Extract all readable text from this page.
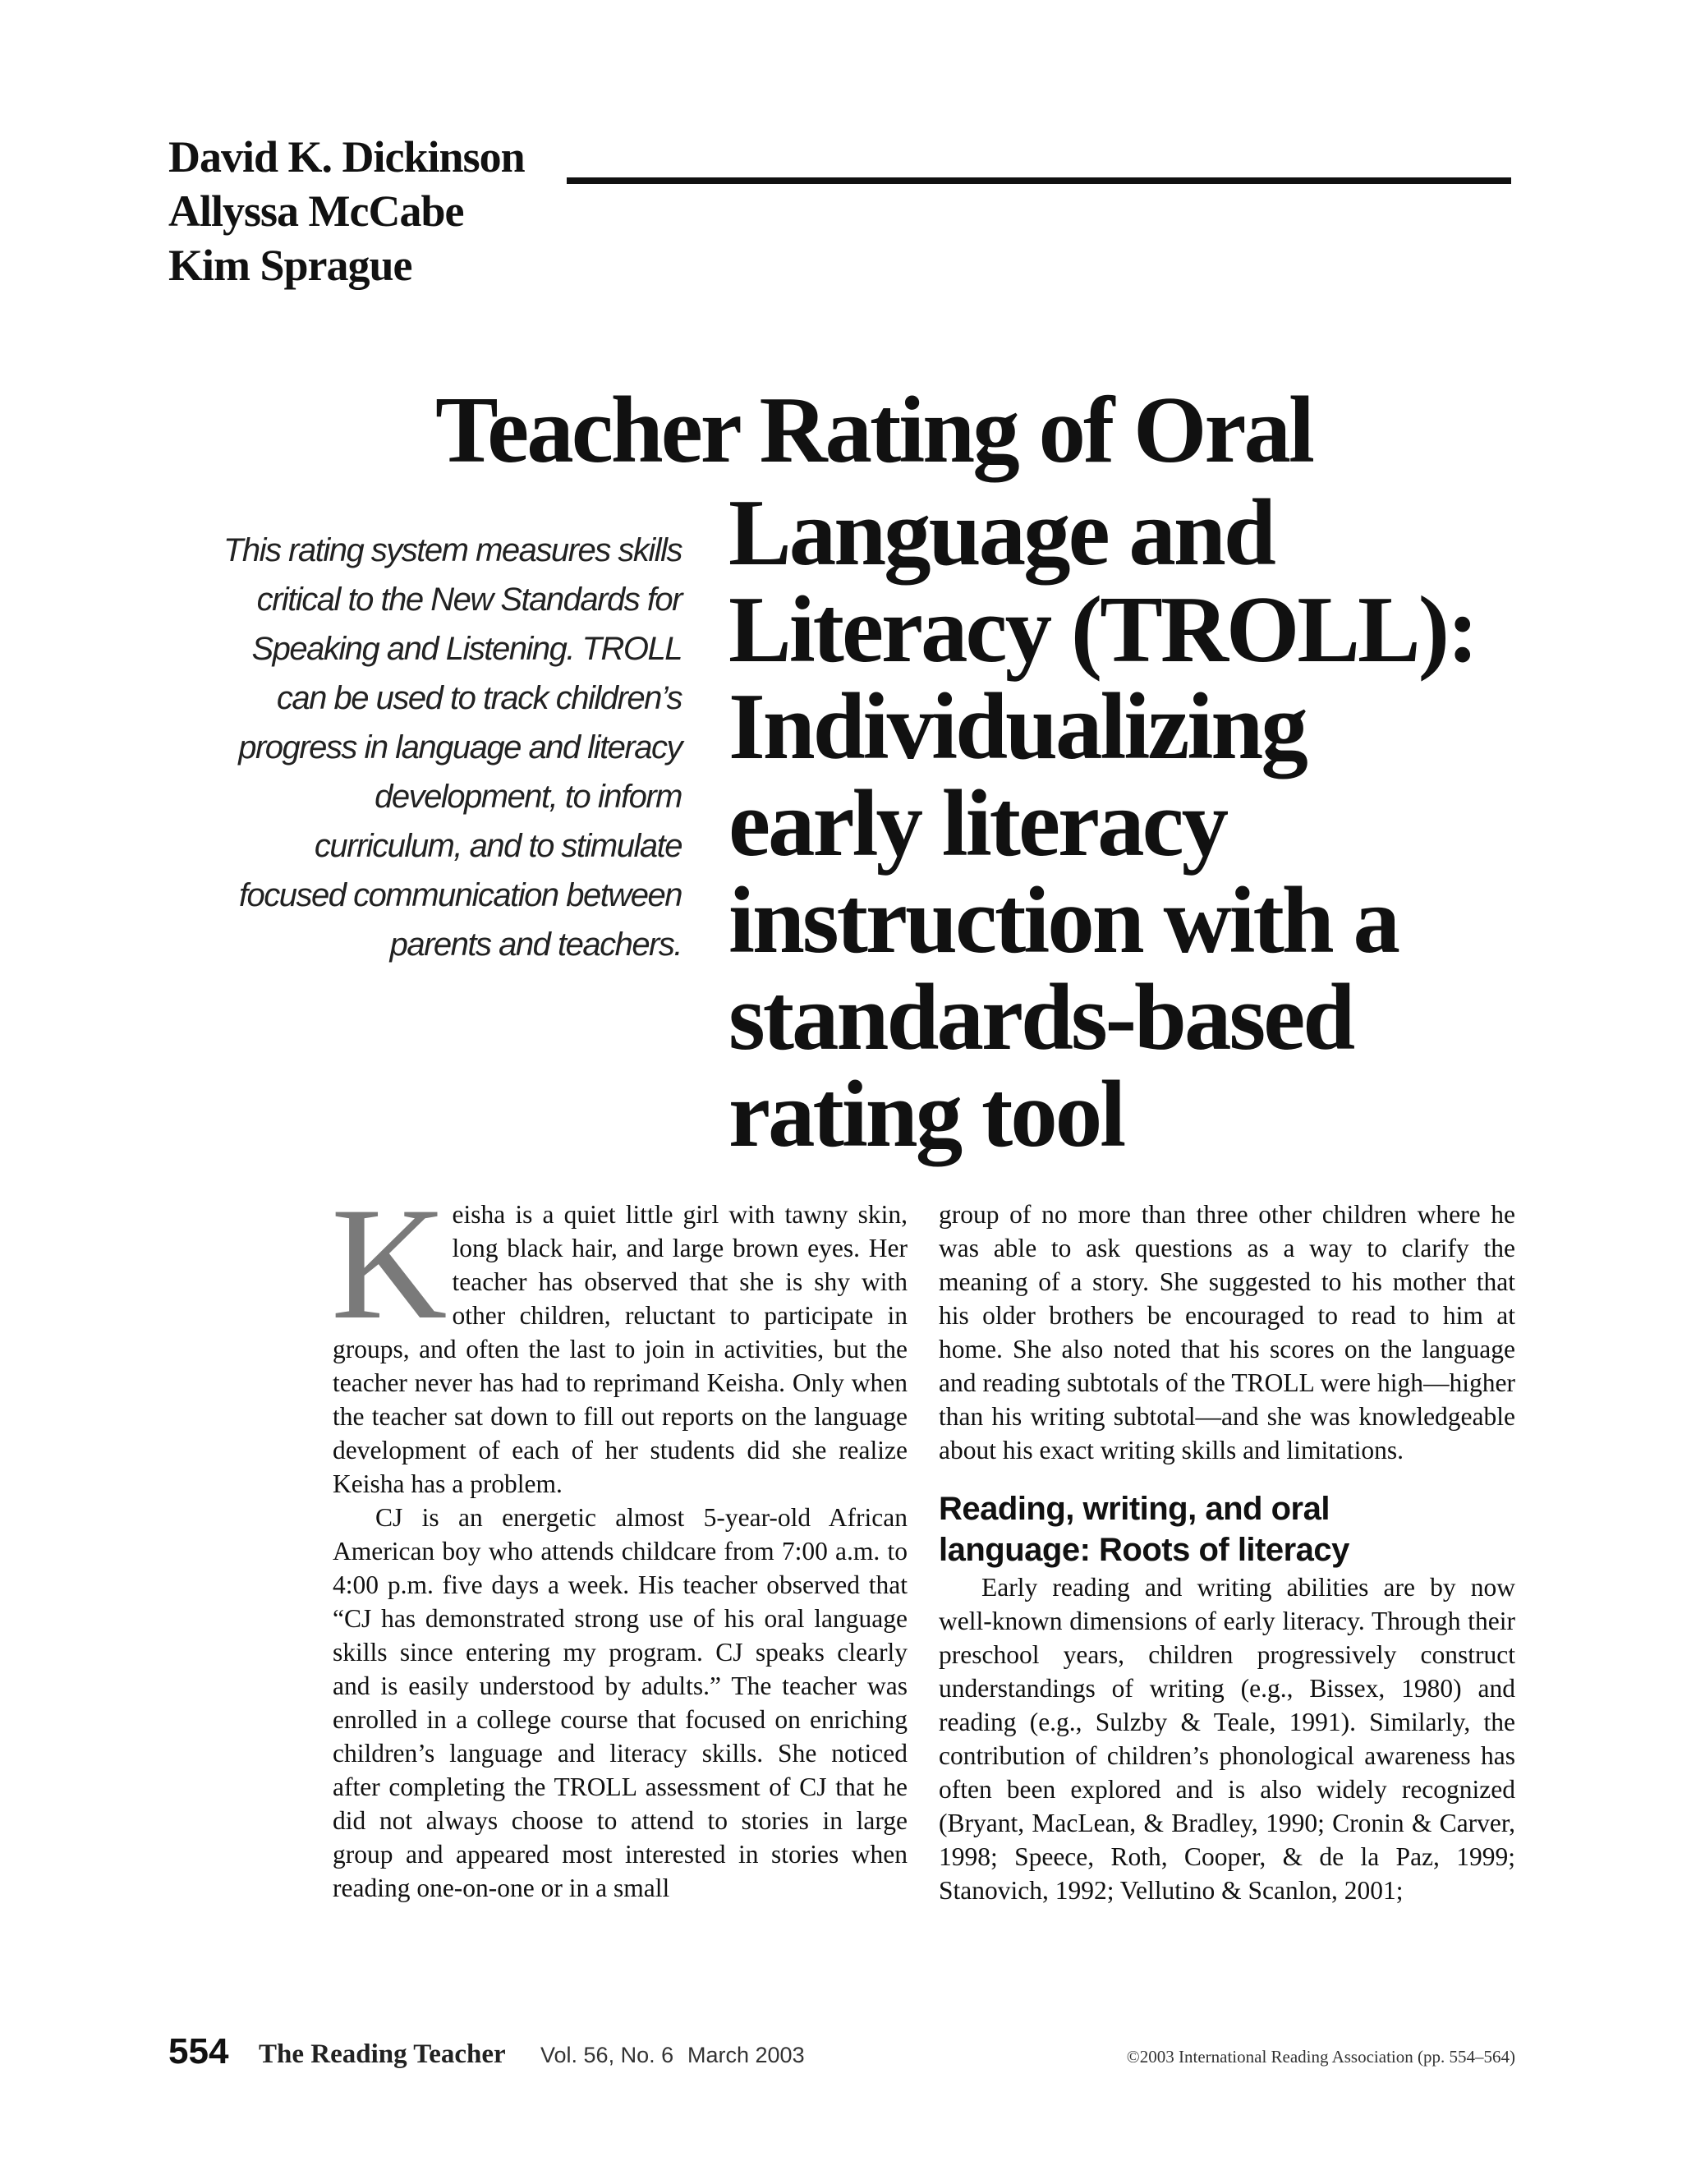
David K. Dickinson
Allyssa McCabe
Kim Sprague
Teacher Rating of Oral
Language and
Literacy (TROLL):
Individualizing
early literacy
instruction with a
standards-based
rating tool
This rating system measures skills
critical to the New Standards for
Speaking and Listening. TROLL
can be used to track children’s
progress in language and literacy
development, to inform
curriculum, and to stimulate
focused communication between
parents and teachers.

Keisha is a quiet little girl with tawny skin, long black hair, and large brown eyes. Her teacher has observed that she is shy with other children, reluctant to participate in groups, and often the last to join in activities, but the teacher never has had to reprimand Keisha. Only when the teacher sat down to fill out reports on the language development of each of her students did she realize Keisha has a problem.

CJ is an energetic almost 5-year-old African American boy who attends childcare from 7:00 a.m. to 4:00 p.m. five days a week. His teacher observed that “CJ has demonstrated strong use of his oral language skills since entering my program. CJ speaks clearly and is easily understood by adults.” The teacher was enrolled in a college course that focused on enriching children’s language and literacy skills. She noticed after completing the TROLL assessment of CJ that he did not always choose to attend to stories in large group and appeared most interested in stories when reading one-on-one or in a small

group of no more than three other children where he was able to ask questions as a way to clarify the meaning of a story. She suggested to his mother that his older brothers be encouraged to read to him at home. She also noted that his scores on the language and reading subtotals of the TROLL were high—higher than his writing subtotal—and she was knowledgeable about his exact writing skills and limitations.

Reading, writing, and oral
language: Roots of literacy

Early reading and writing abilities are by now well-known dimensions of early literacy. Through their preschool years, children progressively construct understandings of writing (e.g., Bissex, 1980) and reading (e.g., Sulzby & Teale, 1991). Similarly, the contribution of children’s phonological awareness has often been explored and is also widely recognized (Bryant, MacLean, & Bradley, 1990; Cronin & Carver, 1998; Speece, Roth, Cooper, & de la Paz, 1999; Stanovich, 1992; Vellutino & Scanlon, 2001;

554 The Reading Teacher Vol. 56, No. 6 March 2003	©2003 International Reading Association (pp. 554–564)
